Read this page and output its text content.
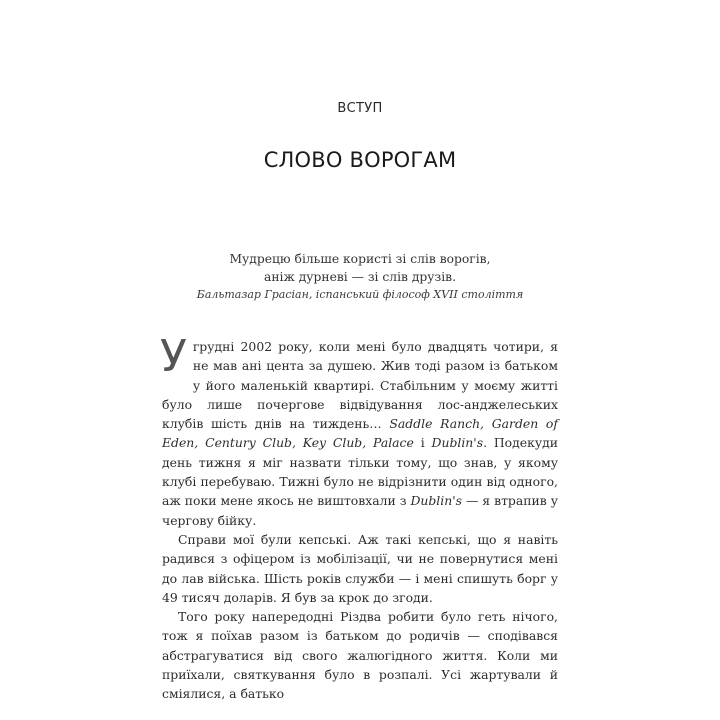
ВСТУП
СЛОВО ВОРОГАМ
Мудрецю більше користі зі слів ворогів,
аніж дурневі — зі слів друзів.
Бальтазар Грасіан, іспанський філософ XVII століття

У грудні 2002 року, коли мені було двадцять чотири, я не мав ані цента за душею. Жив тоді разом із батьком у його маленькій квартирі. Стабільним у моєму житті було лише почергове відвідування лос-анджелеських клубів шість днів на тиждень… Saddle Ranch, Garden of Eden, Century Club, Key Club, Palace і Dublin's. Подекуди день тижня я міг назвати тільки тому, що знав, у якому клубі перебуваю. Тижні було не відрізнити один від одного, аж поки мене якось не виштовхали з Dublin's — я втрапив у чергову бійку.

Справи мої були кепські. Аж такі кепські, що я навіть радився з офіцером із мобілізації, чи не повернутися мені до лав війська. Шість років служби — і мені спишуть борг у 49 тисяч доларів. Я був за крок до згоди.

Того року напередодні Різдва робити було геть нічого, тож я поїхав разом із батьком до родичів — сподівався абстрагуватися від свого жалюгідного життя. Коли ми приїхали, святкування було в розпалі. Усі жартували й сміялися, а батько
